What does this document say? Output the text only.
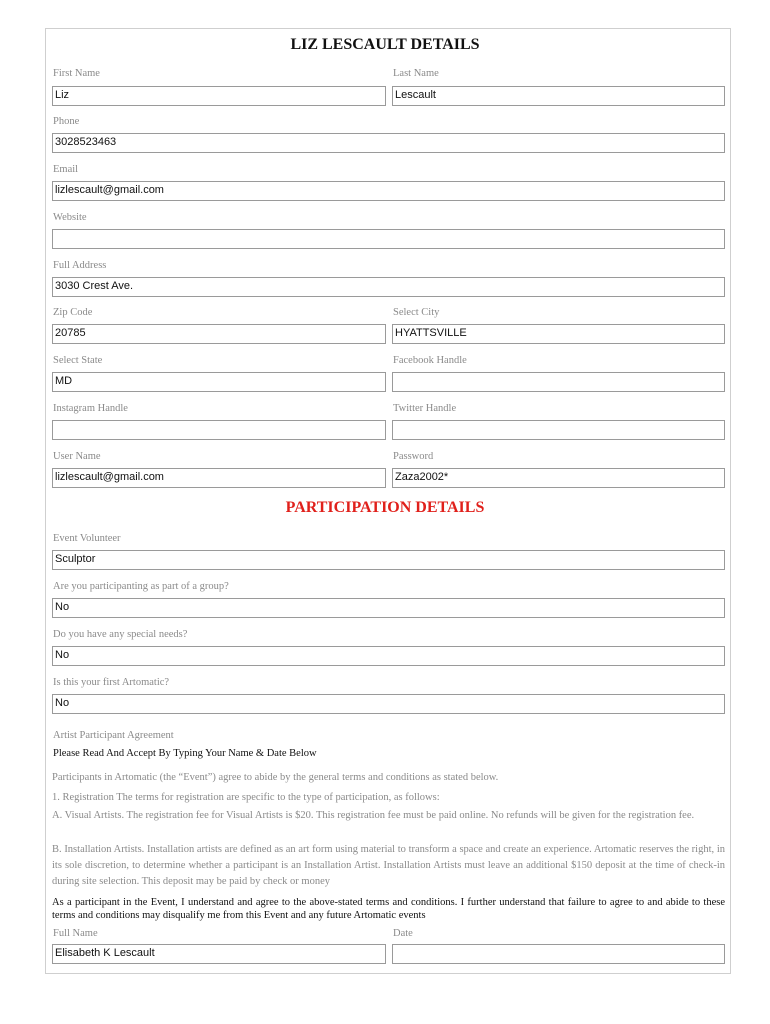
LIZ LESCAULT DETAILS
First Name	Last Name
Liz	Lescault
Phone
3028523463
Email
lizlescault@gmail.com
Website
Full Address
3030 Crest Ave.
Zip Code	Select City
20785	HYATTSVILLE
Select State	Facebook Handle
MD
Instagram Handle	Twitter Handle
User Name	Password
lizlescault@gmail.com	Zaza2002*
PARTICIPATION DETAILS
Event Volunteer
Sculptor
Are you participanting as part of a group?
No
Do you have any special needs?
No
Is this your first Artomatic?
No
Artist Participant Agreement
Please Read And Accept By Typing Your Name & Date Below
Participants in Artomatic (the “Event”) agree to abide by the general terms and conditions as stated below.
1. Registration The terms for registration are specific to the type of participation, as follows:
A. Visual Artists. The registration fee for Visual Artists is $20. This registration fee must be paid online. No refunds will be given for the registration fee.
B. Installation Artists. Installation artists are defined as an art form using material to transform a space and create an experience. Artomatic reserves the right, in its sole discretion, to determine whether a participant is an Installation Artist. Installation Artists must leave an additional $150 deposit at the time of check-in during site selection. This deposit may be paid by check or money
As a participant in the Event, I understand and agree to the above-stated terms and conditions. I further understand that failure to agree to and abide to these terms and conditions may disqualify me from this Event and any future Artomatic events
Full Name	Date
Elisabeth K Lescault
